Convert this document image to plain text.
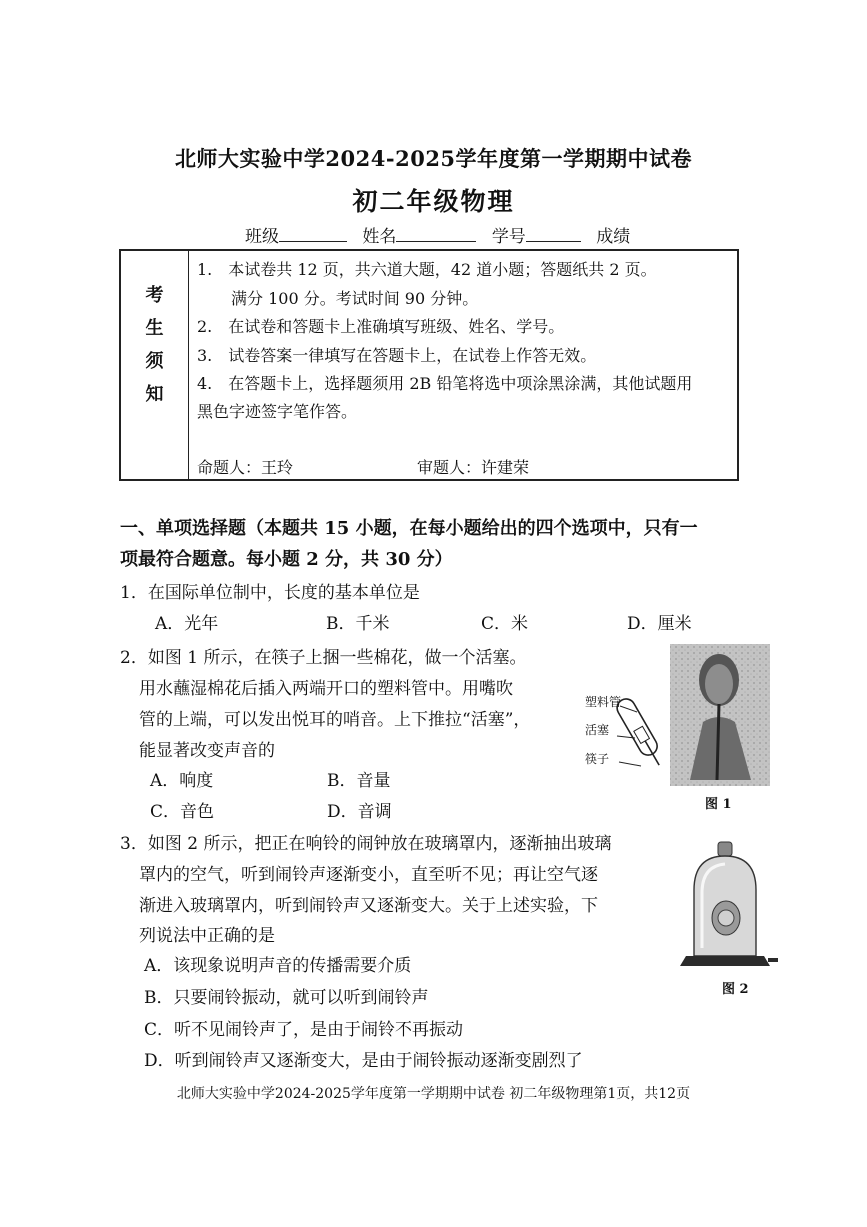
北师大实验中学2024-2025学年度第一学期期中试卷
初二年级物理
班级	姓名	学号	成绩
考
生
须
知
1.　本试卷共 12 页，共六道大题，42 道小题；答题纸共 2 页。
满分 100 分。考试时间 90 分钟。
2.　在试卷和答题卡上准确填写班级、姓名、学号。
3.　试卷答案一律填写在答题卡上，在试卷上作答无效。
4.　在答题卡上，选择题须用 2B 铅笔将选中项涂黑涂满，其他试题用
黑色字迹签字笔作答。
命题人：王玲	审题人：许建荣
一、单项选择题（本题共 15 小题，在每小题给出的四个选项中，只有一
项最符合题意。每小题 2 分，共 30 分）
1．在国际单位制中，长度的基本单位是
A．光年	B．千米	C．米	D．厘米
2．如图 1 所示，在筷子上捆一些棉花，做一个活塞。
用水蘸湿棉花后插入两端开口的塑料管中。用嘴吹
管的上端，可以发出悦耳的哨音。上下推拉“活塞”，
能显著改变声音的
A．响度	B．音量
C．音色	D．音调
塑料管
活塞
筷子
图 1
3．如图 2 所示，把正在响铃的闹钟放在玻璃罩内，逐渐抽出玻璃
罩内的空气，听到闹铃声逐渐变小，直至听不见；再让空气逐
渐进入玻璃罩内，听到闹铃声又逐渐变大。关于上述实验，下
列说法中正确的是
A．该现象说明声音的传播需要介质
B．只要闹铃振动，就可以听到闹铃声
C．听不见闹铃声了，是由于闹铃不再振动
D．听到闹铃声又逐渐变大，是由于闹铃振动逐渐变剧烈了
图 2
北师大实验中学2024-2025学年度第一学期期中试卷 初二年级物理第1页，共12页
